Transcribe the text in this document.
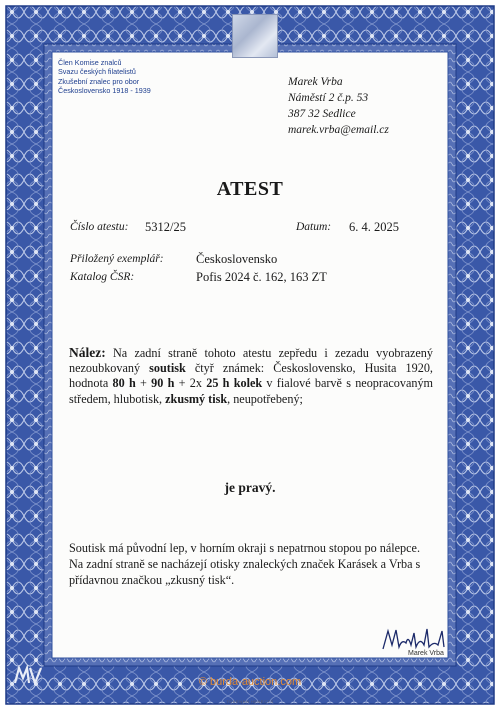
Člen Komise znalců
Svazu českých filatelistů
Zkušební znalec pro obor
Československo 1918 - 1939
Marek Vrba
Náměstí 2 č.p. 53
387 32 Sedlice
marek.vrba@email.cz
ATEST
Číslo atestu: 5312/25	Datum: 6. 4. 2025
Přiložený exemplář:	Československo
Katalog ČSR:	Pofis 2024 č. 162, 163 ZT
Nález: Na zadní straně tohoto atestu zepředu i zezadu vyobrazený nezoubkovaný soutisk čtyř známek: Československo, Husita 1920, hodnota 80 h + 90 h + 2x 25 h kolek v fialové barvě s neopracovaným středem, hlubotisk, zkusmý tisk, neupotřebený;
je pravý.
Soutisk má původní lep, v horním okraji s nepatrnou stopou po nálepce. Na zadní straně se nacházejí otisky znaleckých značek Karásek a Vrba s přídavnou značkou „zkusný tisk“.
Marek Vrba
© burda-auction.com
TOKENNN HENECTS
